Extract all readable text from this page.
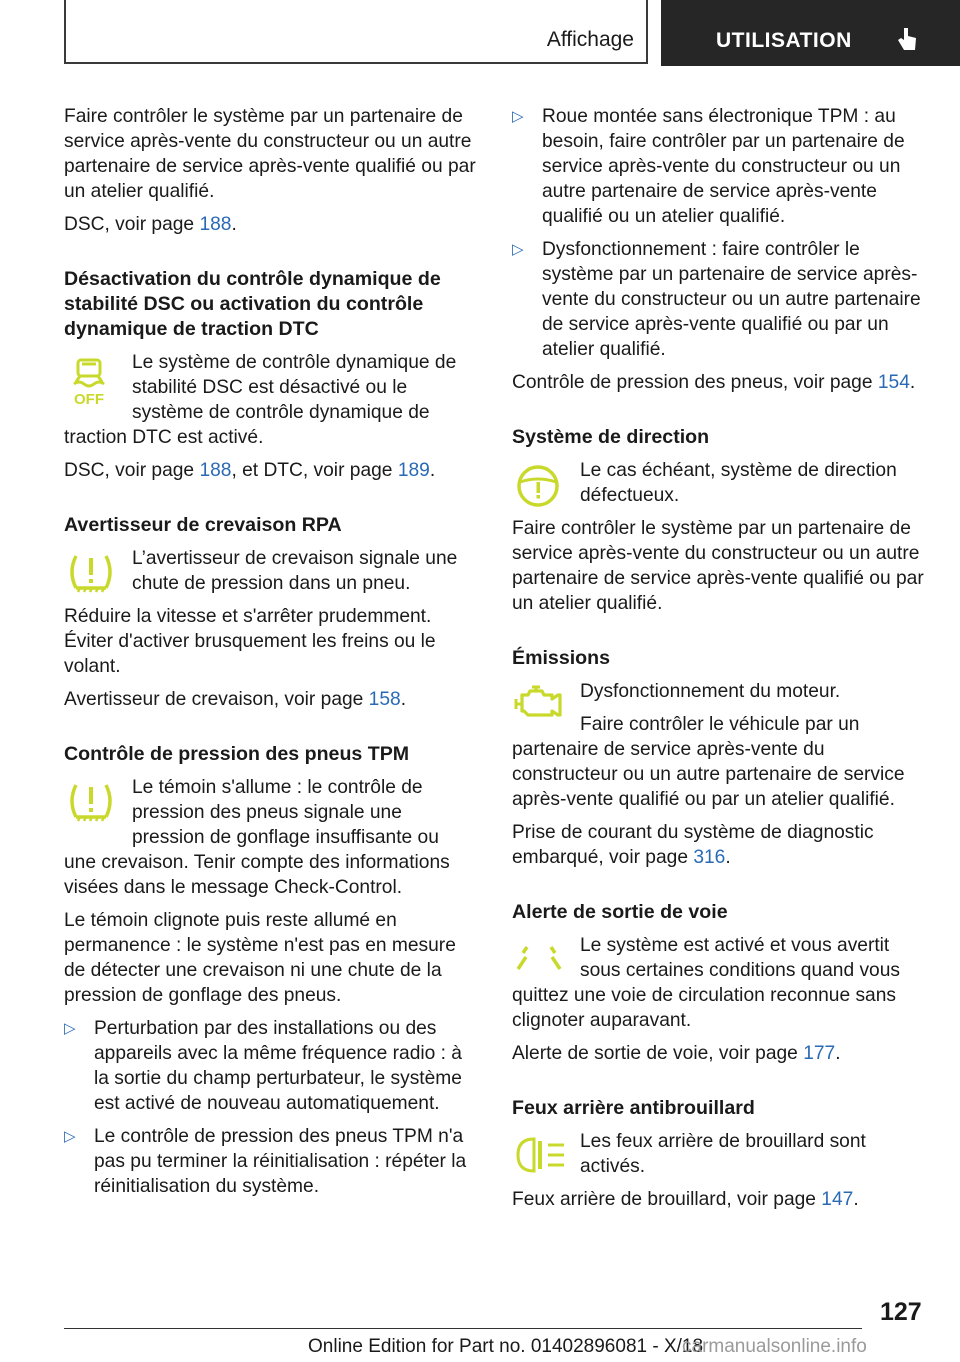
Affichage	UTILISATION

Faire contrôler le système par un partenaire de service après-vente du constructeur ou un autre partenaire de service après-vente qualifié ou par un atelier qualifié.

DSC, voir page 188.

Désactivation du contrôle dynamique de stabilité DSC ou activation du contrôle dynamique de traction DTC
OFF

Le système de contrôle dynamique de stabilité DSC est désactivé ou le système de contrôle dynamique de traction DTC est activé.

DSC, voir page 188, et DTC, voir page 189.

Avertisseur de crevaison RPA

L’avertisseur de crevaison signale une chute de pression dans un pneu.

Réduire la vitesse et s'arrêter prudemment. Éviter d'activer brusquement les freins ou le volant.

Avertisseur de crevaison, voir page 158.

Contrôle de pression des pneus TPM

Le témoin s'allume : le contrôle de pression des pneus signale une pression de gonflage insuffisante ou une crevaison. Tenir compte des informations visées dans le message Check-Control.

Le témoin clignote puis reste allumé en permanence : le système n'est pas en mesure de détecter une crevaison ni une chute de la pression de gonflage des pneus.

▷ Perturbation par des installations ou des appareils avec la même fréquence radio : à la sortie du champ perturbateur, le système est activé de nouveau automatiquement.
▷ Le contrôle de pression des pneus TPM n'a pas pu terminer la réinitialisation : répéter la réinitialisation du système.
▷ Roue montée sans électronique TPM : au besoin, faire contrôler par un partenaire de service après-vente du constructeur ou un autre partenaire de service après-vente qualifié ou un atelier qualifié.
▷ Dysfonctionnement : faire contrôler le système par un partenaire de service après-vente du constructeur ou un autre partenaire de service après-vente qualifié ou par un atelier qualifié.

Contrôle de pression des pneus, voir page 154.

Système de direction

Le cas échéant, système de direction défectueux.

Faire contrôler le système par un partenaire de service après-vente du constructeur ou un autre partenaire de service après-vente qualifié ou par un atelier qualifié.

Émissions

Dysfonctionnement du moteur.

Faire contrôler le véhicule par un partenaire de service après-vente du constructeur ou un autre partenaire de service après-vente qualifié ou par un atelier qualifié.

Prise de courant du système de diagnostic embarqué, voir page 316.

Alerte de sortie de voie

Le système est activé et vous avertit sous certaines conditions quand vous quittez une voie de circulation reconnue sans clignoter auparavant.

Alerte de sortie de voie, voir page 177.

Feux arrière antibrouillard

Les feux arrière de brouillard sont activés.

Feux arrière de brouillard, voir page 147.

127
Online Edition for Part no. 01402896081 - X/18
carmanualsonline.info
